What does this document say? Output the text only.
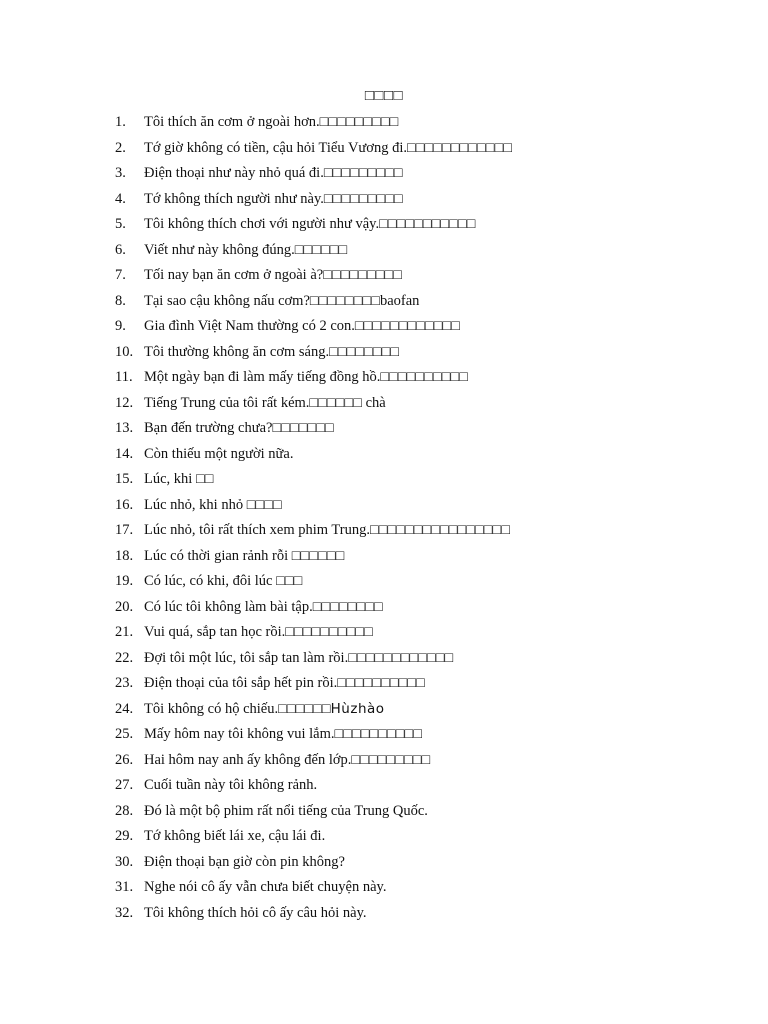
□□□□
1.	Tôi thích ăn cơm ở ngoài hơn.□□□□□□□□□
2.	Tớ giờ không có tiền, cậu hỏi Tiểu Vương đi.□□□□□□□□□□□□
3.	Điện thoại như này nhỏ quá đi.□□□□□□□□□
4.	Tớ không thích người như này.□□□□□□□□□
5.	Tôi không thích chơi với người như vậy.□□□□□□□□□□□
6.	Viết như này không đúng.□□□□□□
7.	Tối nay bạn ăn cơm ở ngoài à?□□□□□□□□□
8.	Tại sao cậu không nấu cơm?□□□□□□□□baofan
9.	Gia đình Việt Nam thường có 2 con.□□□□□□□□□□□□
10. Tôi thường không ăn cơm sáng.□□□□□□□□
11. Một ngày bạn đi làm mấy tiếng đồng hồ.□□□□□□□□□□
12. Tiếng Trung của tôi rất kém.□□□□□□ chà
13. Bạn đến trường chưa?□□□□□□□
14. Còn thiếu một người nữa.
15. Lúc, khi □□
16. Lúc nhỏ, khi nhỏ □□□□
17. Lúc nhỏ, tôi rất thích xem phim Trung.□□□□□□□□□□□□□□□□
18. Lúc có thời gian rảnh rỗi □□□□□□
19. Có lúc, có khi, đôi lúc □□□
20. Có lúc tôi không làm bài tập.□□□□□□□□
21. Vui quá, sắp tan học rồi.□□□□□□□□□□
22. Đợi tôi một lúc, tôi sắp tan làm rồi.□□□□□□□□□□□□
23. Điện thoại của tôi sắp hết pin rồi.□□□□□□□□□□
24. Tôi không có hộ chiếu.□□□□□□ Hùzhào
25. Mấy hôm nay tôi không vui lắm.□□□□□□□□□□
26. Hai hôm nay anh ấy không đến lớp.□□□□□□□□□
27. Cuối tuần này tôi không rảnh.
28. Đó là một bộ phim rất nổi tiếng của Trung Quốc.
29. Tớ không biết lái xe, cậu lái đi.
30. Điện thoại bạn giờ còn pin không?
31. Nghe nói cô ấy vẫn chưa biết chuyện này.
32. Tôi không thích hỏi cô ấy câu hỏi này.
